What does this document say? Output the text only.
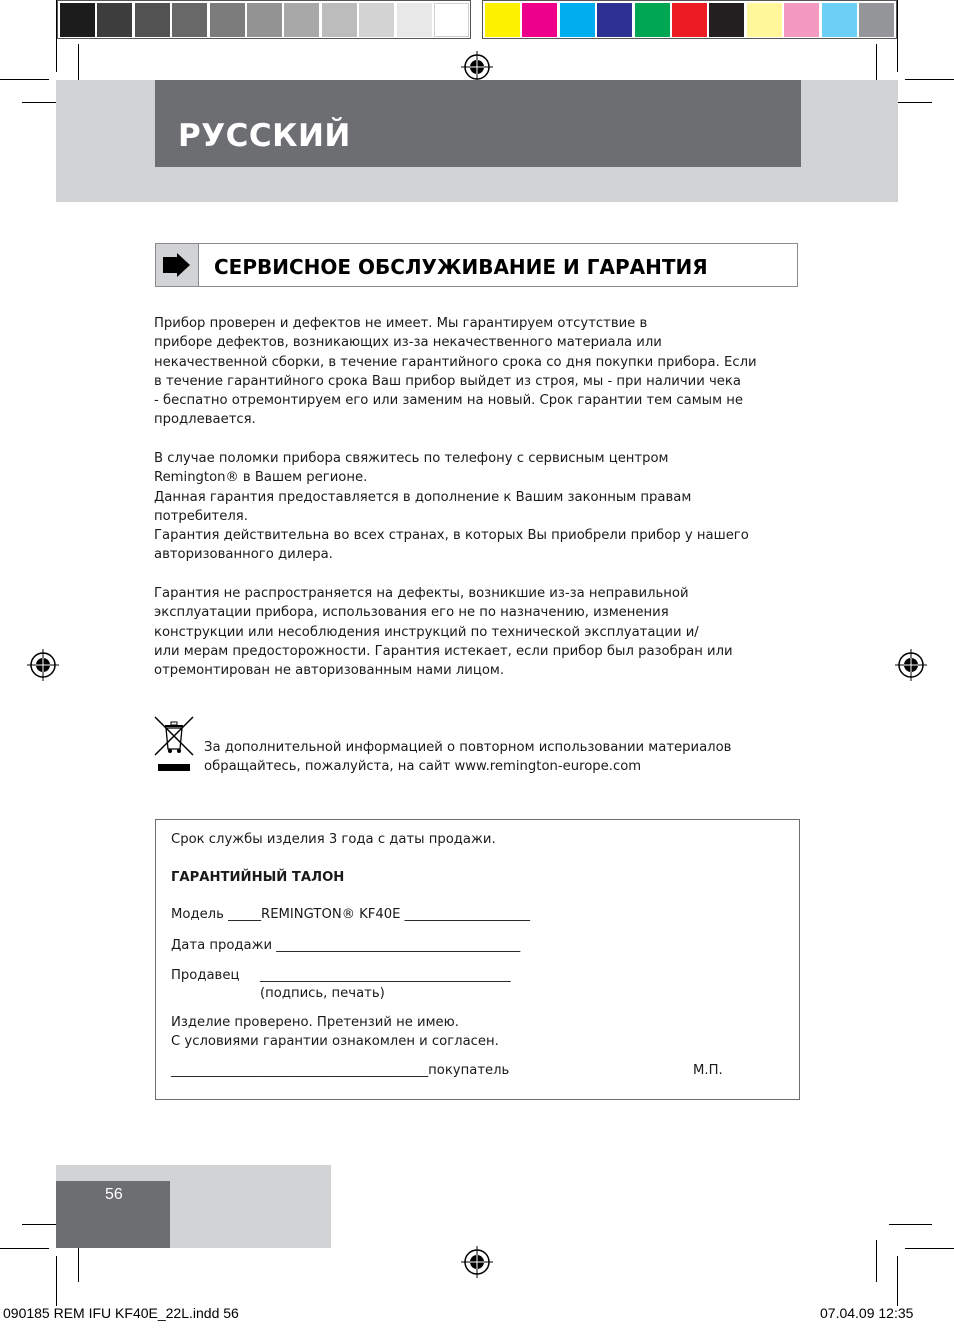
РУССКИЙ
СЕРВИСНОЕ ОБСЛУЖИВАНИЕ И ГАРАНТИЯ
Прибор проверен и дефектов не имеет. Мы гарантируем отсутствие в
приборе дефектов, возникающих из-за некачественного материала или
некачественной сборки, в течение гарантийного срока со дня покупки прибора. Если
в течение гарантийного срока Ваш прибор выйдет из строя, мы - при наличии чека
- беспатно отремонтируем его или заменим на новый. Срок гарантии тем самым не
продлевается.
В случае поломки прибора свяжитесь по телефону с сервисным центром
Remington® в Вашем регионе.
Данная гарантия предоставляется в дополнение к Вашим законным правам
потребителя.
Гарантия действительна во всех странах, в которых Вы приобрели прибор у нашего
авторизованного дилера.
Гарантия не распространяется на дефекты, возникшие из-за неправильной
эксплуатации прибора, использования его не по назначению, изменения
конструкции или несоблюдения инструкций по технической эксплуатации и/
или мерам предосторожности. Гарантия истекает, если прибор был разобран или
отремонтирован не авторизованным нами лицом.
За дополнительной информацией о повторном использовании материалов
обращайтесь, пожалуйста, на сайт www.remington-europe.com
Срок службы изделия 3 года с даты продажи.
ГАРАНТИЙНЫЙ ТАЛОН
Модель _____REMINGTON® KF40E ___________________
Дата продажи _____________________________________
Продавец ______________________________________
(подпись, печать)
Изделие проверено. Претензий не имею.
С условиями гарантии ознакомлен и согласен.
_______________________________________покупатель	М.П.
56
090185 REM IFU KF40E_22L.indd 56	07.04.09 12:35
